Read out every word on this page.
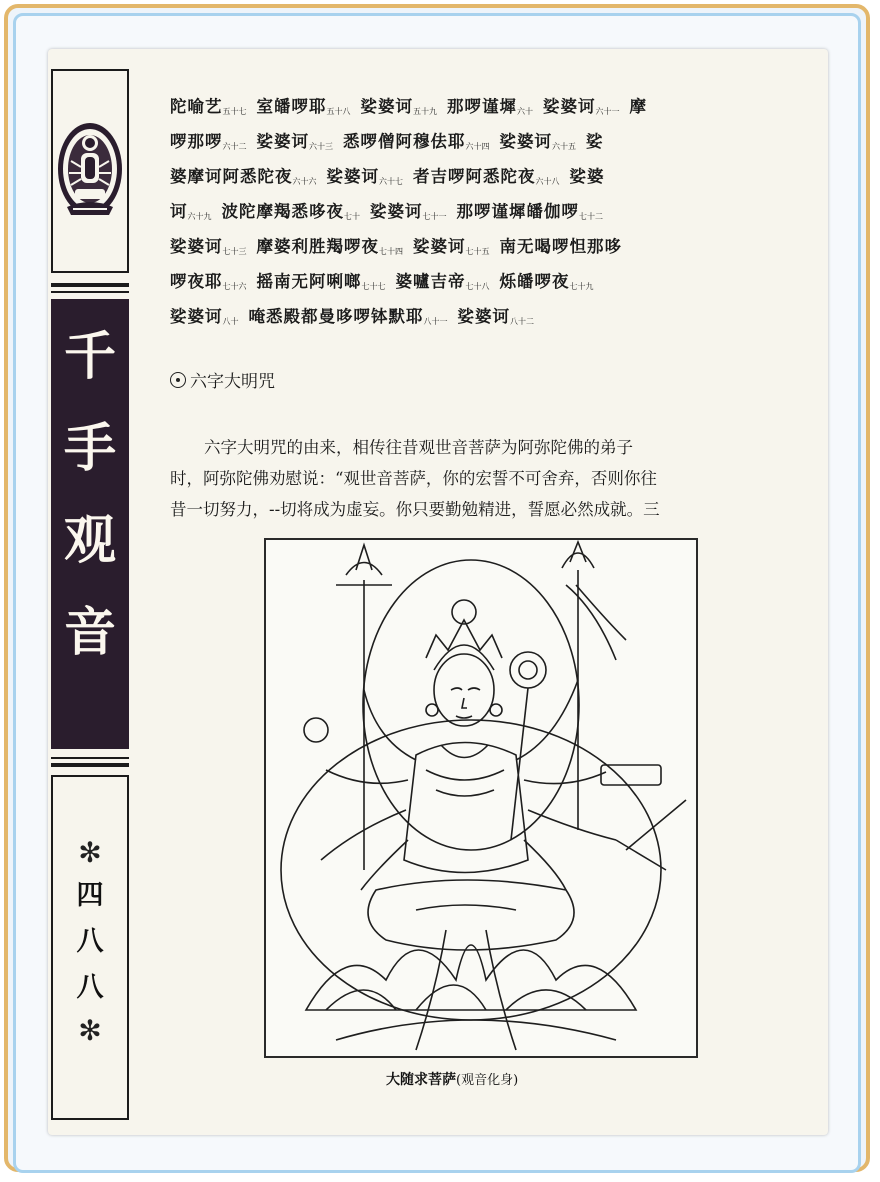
千
手
观
音
✻
四
八
八
✻
陀喻艺$_{五十七}$ 室皤啰耶$_{五十八}$ 娑婆诃$_{五十九}$ 那啰谨墀$_{六十}$ 娑婆诃$_{六十一}$ 摩
啰那啰$_{六十二}$ 娑婆诃$_{六十三}$ 悉啰僧阿穆佉耶$_{六十四}$ 娑婆诃$_{六十五}$ 娑
婆摩诃阿悉陀夜$_{六十六}$ 娑婆诃$_{六十七}$ 者吉啰阿悉陀夜$_{六十八}$ 娑婆
诃$_{六十九}$ 波陀摩羯悉哆夜$_{七十}$ 娑婆诃$_{七十一}$ 那啰谨墀皤伽啰$_{七十二}$
娑婆诃$_{七十三}$ 摩婆利胜羯啰夜$_{七十四}$ 娑婆诃$_{七十五}$ 南无喝啰怛那哆
啰夜耶$_{七十六}$ 摇南无阿唎啷$_{七十七}$ 婆嚧吉帝$_{七十八}$ 烁皤啰夜$_{七十九}$
娑婆诃$_{八十}$ 唵悉殿都曼哆啰钵默耶$_{八十一}$ 娑婆诃$_{八十二}$
六字大明咒
六字大明咒的由来，相传往昔观世音菩萨为阿弥陀佛的弟子
时，阿弥陀佛劝慰说：“观世音菩萨，你的宏誓不可舍弃，否则你往
昔一切努力，--切将成为虚妄。你只要勤勉精进，誓愿必然成就。三
大随求菩萨(观音化身)
